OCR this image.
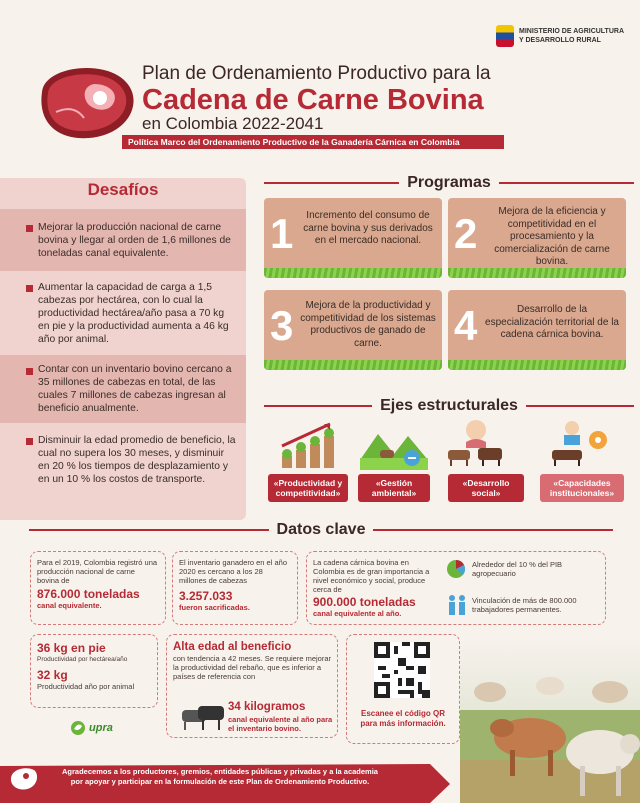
MINISTERIO DE AGRICULTURA
Y DESARROLLO RURAL
Plan de Ordenamiento Productivo para la
Cadena de Carne Bovina
en Colombia 2022-2041
Política Marco del Ordenamiento Productivo de la Ganadería Cárnica en Colombia
Desafíos
Mejorar la producción nacional de carne bovina y llegar al orden de 1,6 millones de toneladas canal equivalente.
Aumentar la capacidad de carga a 1,5 cabezas por hectárea, con lo cual la productividad hectárea/año pasa a 70 kg en pie y la productividad aumenta a 46 kg año por animal.
Contar con un inventario bovino cercano a 35 millones de cabezas en total, de las cuales 7 millones de cabezas ingresan al beneficio anualmente.
Disminuir la edad promedio de beneficio, la cual no supera los 30 meses, y disminuir en 20 % los tiempos de desplazamiento y en un 10 % los costos de transporte.
Programas
1	Incremento del consumo de carne bovina y sus derivados en el mercado nacional. 2	Mejora de la eficiencia y competitividad en el procesamiento y la comercialización de carne bovina.
3	Mejora de la productividad y competitividad de los sistemas productivos de ganado de carne.	4	Desarrollo de la especialización territorial de la cadena cárnica bovina.
Ejes estructurales
«Productividad y competitividad»
«Gestión ambiental»
«Desarrollo social»
«Capacidades institucionales»
Datos clave
Para el 2019, Colombia registró una producción nacional de carne bovina de
876.000 toneladas
canal equivalente.
El inventario ganadero en el año 2020 es cercano a los 28 millones de cabezas
3.257.033
fueron sacrificadas.
La cadena cárnica bovina en Colombia es de gran importancia a nivel económico y social, produce cerca de
900.000 toneladas
canal equivalente al año.
Alrededor del 10 % del PIB agropecuario
Vinculación de más de 800.000 trabajadores permanentes.
36 kg en pie
Productividad por hectárea/año
32 kg
Productividad año por animal
Alta edad al beneficio
con tendencia a 42 meses. Se requiere mejorar la productividad del rebaño, que es inferior a países de referencia con
34 kilogramos
canal equivalente al año para el inventario bovino.
Escanee el código QR para más información.
upra
Agradecemos a los productores, gremios, entidades públicas y privadas y a la academia por apoyar y participar en la formulación de este Plan de Ordenamiento Productivo.
